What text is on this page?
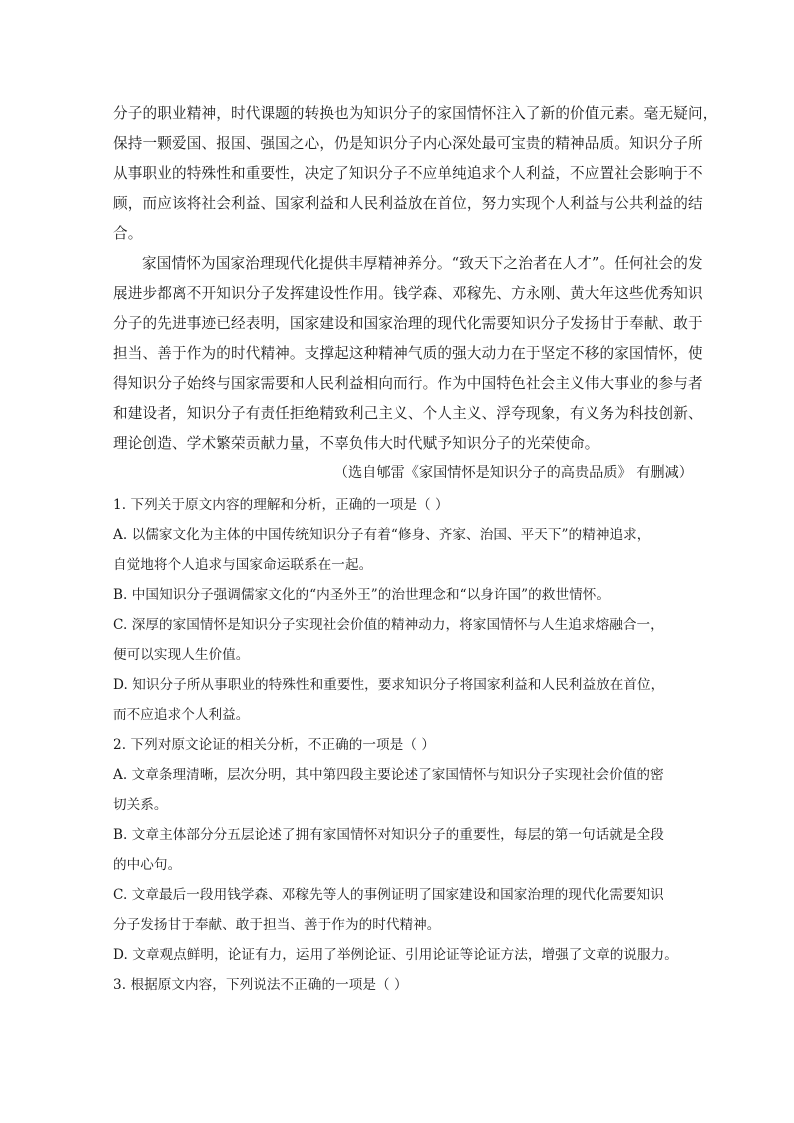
分子的职业精神，时代课题的转换也为知识分子的家国情怀注入了新的价值元素。毫无疑问，
保持一颗爱国、报国、强国之心，仍是知识分子内心深处最可宝贵的精神品质。知识分子所
从事职业的特殊性和重要性，决定了知识分子不应单纯追求个人利益，不应置社会影响于不
顾，而应该将社会利益、国家利益和人民利益放在首位，努力实现个人利益与公共利益的结
合。
家国情怀为国家治理现代化提供丰厚精神养分。“致天下之治者在人才”。任何社会的发
展进步都离不开知识分子发挥建设性作用。钱学森、邓稼先、方永刚、黄大年这些优秀知识
分子的先进事迹已经表明，国家建设和国家治理的现代化需要知识分子发扬甘于奉献、敢于
担当、善于作为的时代精神。支撑起这种精神气质的强大动力在于坚定不移的家国情怀，使
得知识分子始终与国家需要和人民利益相向而行。作为中国特色社会主义伟大事业的参与者
和建设者，知识分子有责任拒绝精致利己主义、个人主义、浮夸现象，有义务为科技创新、
理论创造、学术繁荣贡献力量，不辜负伟大时代赋予知识分子的光荣使命。
（选自郇雷《家国情怀是知识分子的高贵品质》 有删减）
1. 下列关于原文内容的理解和分析，正确的一项是（ ）
A. 以儒家文化为主体的中国传统知识分子有着“修身、齐家、治国、平天下”的精神追求，
自觉地将个人追求与国家命运联系在一起。
B. 中国知识分子强调儒家文化的“内圣外王”的治世理念和“以身许国”的救世情怀。
C. 深厚的家国情怀是知识分子实现社会价值的精神动力，将家国情怀与人生追求熔融合一，
便可以实现人生价值。
D. 知识分子所从事职业的特殊性和重要性，要求知识分子将国家利益和人民利益放在首位，
而不应追求个人利益。
2. 下列对原文论证的相关分析，不正确的一项是（ ）
A. 文章条理清晰，层次分明，其中第四段主要论述了家国情怀与知识分子实现社会价值的密
切关系。
B. 文章主体部分分五层论述了拥有家国情怀对知识分子的重要性，每层的第一句话就是全段
的中心句。
C. 文章最后一段用钱学森、邓稼先等人的事例证明了国家建设和国家治理的现代化需要知识
分子发扬甘于奉献、敢于担当、善于作为的时代精神。
D. 文章观点鲜明，论证有力，运用了举例论证、引用论证等论证方法，增强了文章的说服力。
3. 根据原文内容，下列说法不正确的一项是（ ）
